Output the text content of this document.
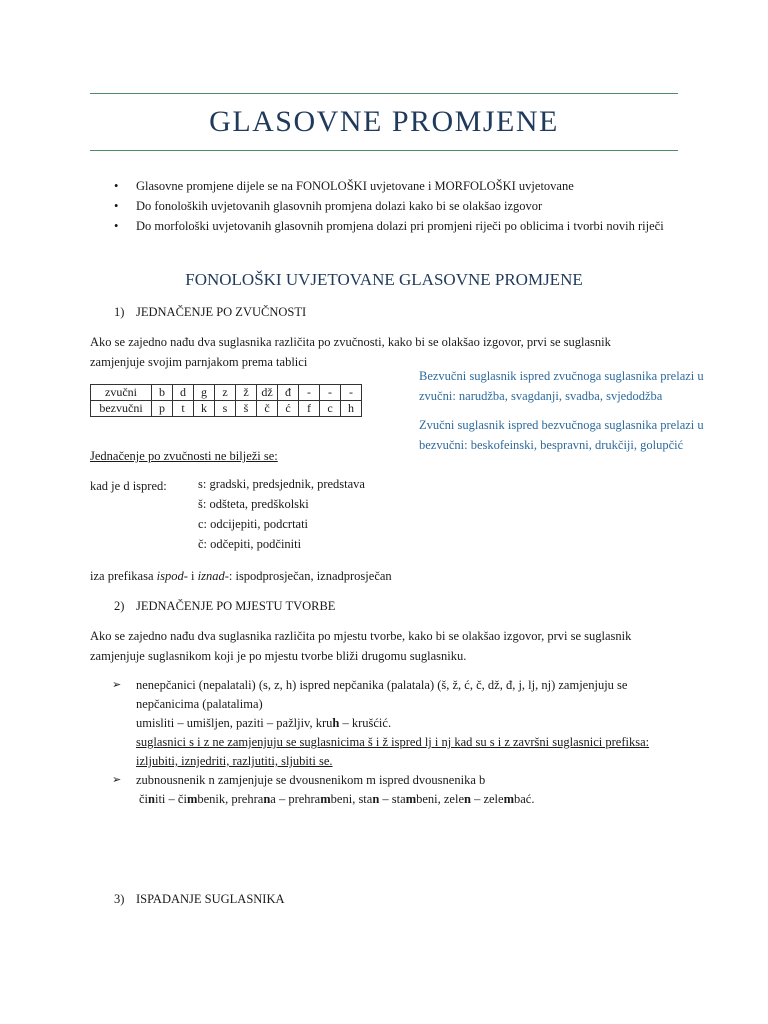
GLASOVNE PROMJENE
• Glasovne promjene dijele se na FONOLOŠKI uvjetovane i MORFOLOŠKI uvjetovane
• Do fonoloških uvjetovanih glasovnih promjena dolazi kako bi se olakšao izgovor
• Do morfološki uvjetovanih glasovnih promjena dolazi pri promjeni riječi po oblicima i tvorbi novih riječi
FONOLOŠKI UVJETOVANE GLASOVNE PROMJENE
1) JEDNAČENJE PO ZVUČNOSTI
Ako se zajedno nađu dva suglasnika različita po zvučnosti, kako bi se olakšao izgovor, prvi se suglasnik
zamjenjuje svojim parnjakom prema tablici
zvučni	b	d	g	z	ž	dž	đ	-	-	-
bezvučni	p	t	k	s	š	č	ć	f	c	h
Bezvučni suglasnik ispred zvučnoga suglasnika prelazi u
zvučni: narudžba, svagdanji, svadba, svjedodžba
Zvučni suglasnik ispred bezvučnoga suglasnika prelazi u
bezvučni: beskofeinski, bespravni, drukčiji, golupčić
Jednačenje po zvučnosti ne bilježi se:
kad je d ispred:	s: gradski, predsjednik, predstava
š: odšteta, predškolski
c: odcijepiti, podcrtati
č: odčepiti, podčiniti
iza prefikasa ispod- i iznad-: ispodprosječan, iznadprosječan
2) JEDNAČENJE PO MJESTU TVORBE
Ako se zajedno nađu dva suglasnika različita po mjestu tvorbe, kako bi se olakšao izgovor, prvi se suglasnik
zamjenjuje suglasnikom koji je po mjestu tvorbe bliži drugomu suglasniku.
➢ nenepčanici (nepalatali) (s, z, h) ispred nepčanika (palatala) (š, ž, ć, č, dž, đ, j, lj, nj) zamjenjuju se
nepčanicima (palatalima)
umisliti – umišljen, paziti – pažljiv, kruh – krušćić.
suglasnici s i z ne zamjenjuju se suglasnicima š i ž ispred lj i nj kad su s i z završni suglasnici prefiksa:
izljubiti, iznjedriti, razljutiti, sljubiti se.
➢ zubnousnenik n zamjenjuje se dvousnenikom m ispred dvousnenika b
činiti – čimbenik, prehrana – prehrambeni, stan – stambeni, zelen – zelembać.
3) ISPADANJE SUGLASNIKA
